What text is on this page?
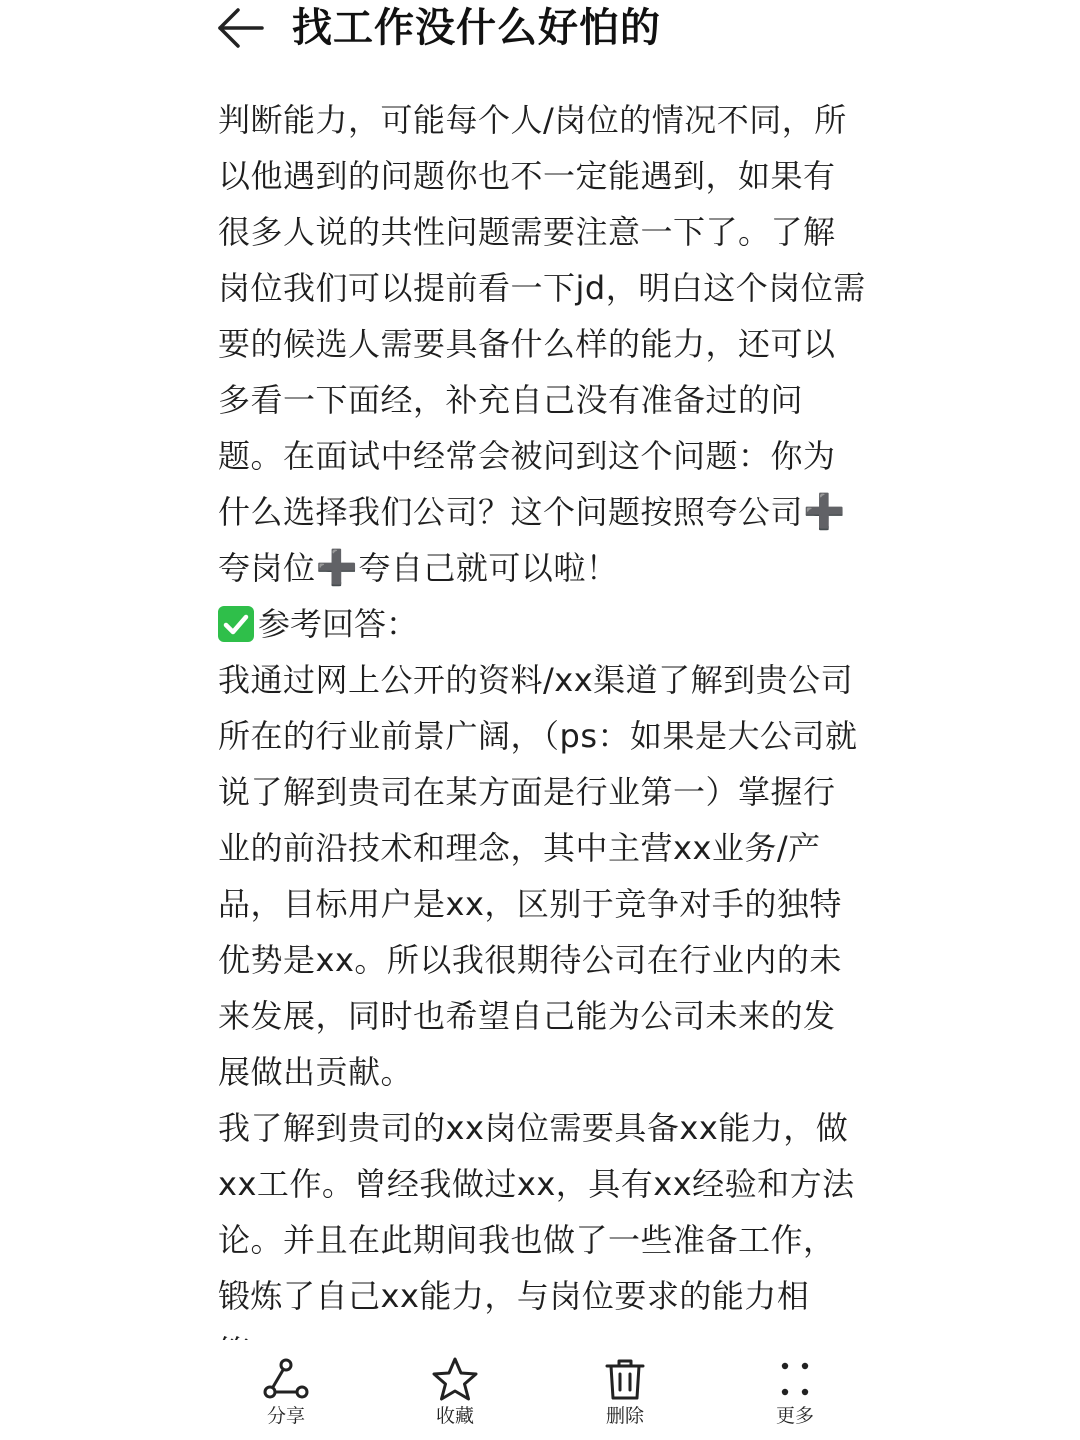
找工作没什么好怕的

判断能力，可能每个人/岗位的情况不同，所以他遇到的问题你也不一定能遇到，如果有很多人说的共性问题需要注意一下了。了解岗位我们可以提前看一下jd，明白这个岗位需要的候选人需要具备什么样的能力，还可以多看一下面经，补充自己没有准备过的问题。在面试中经常会被问到这个问题：你为什么选择我们公司？这个问题按照夸公司➕夸岗位➕夸自己就可以啦！

参考回答：

我通过网上公开的资料/xx渠道了解到贵公司所在的行业前景广阔，（ps：如果是大公司就说了解到贵司在某方面是行业第一）掌握行业的前沿技术和理念，其中主营xx业务/产品，目标用户是xx，区别于竞争对手的独特优势是xx。所以我很期待公司在行业内的未来发展，同时也希望自己能为公司未来的发展做出贡献。

我了解到贵司的xx岗位需要具备xx能力，做xx工作。曾经我做过xx，具有xx经验和方法论。并且在此期间我也做了一些准备工作，锻炼了自己xx能力，与岗位要求的能力相

分享	收藏	删除	更多
